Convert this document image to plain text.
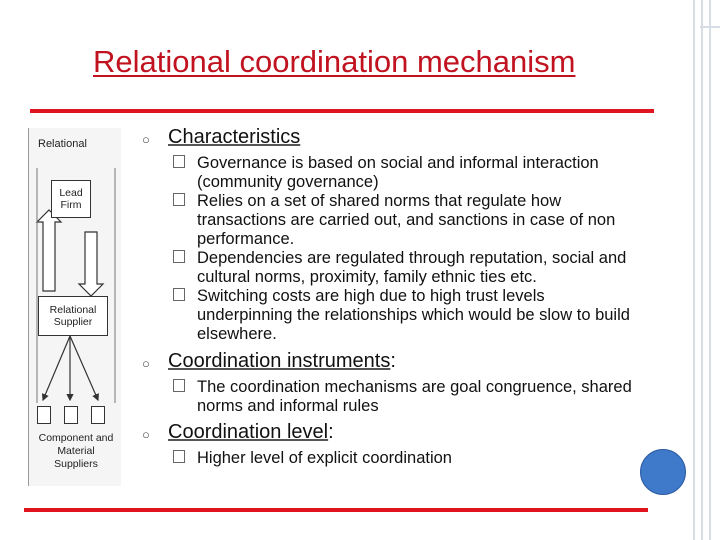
Relational coordination mechanism
Relational
Lead Firm
Relational Supplier
Component and Material Suppliers
○ Characteristics
Governance is based on social and informal interaction (community governance)
Relies on a set of shared norms that regulate how transactions are carried out, and sanctions in case of non performance.
Dependencies are regulated through reputation, social and cultural norms, proximity, family ethnic ties etc.
Switching costs are high due to high trust levels underpinning the relationships which would be slow to build elsewhere.
○ Coordination instruments:
The coordination mechanisms are goal congruence, shared norms and informal rules
○ Coordination level:
Higher level of explicit coordination
